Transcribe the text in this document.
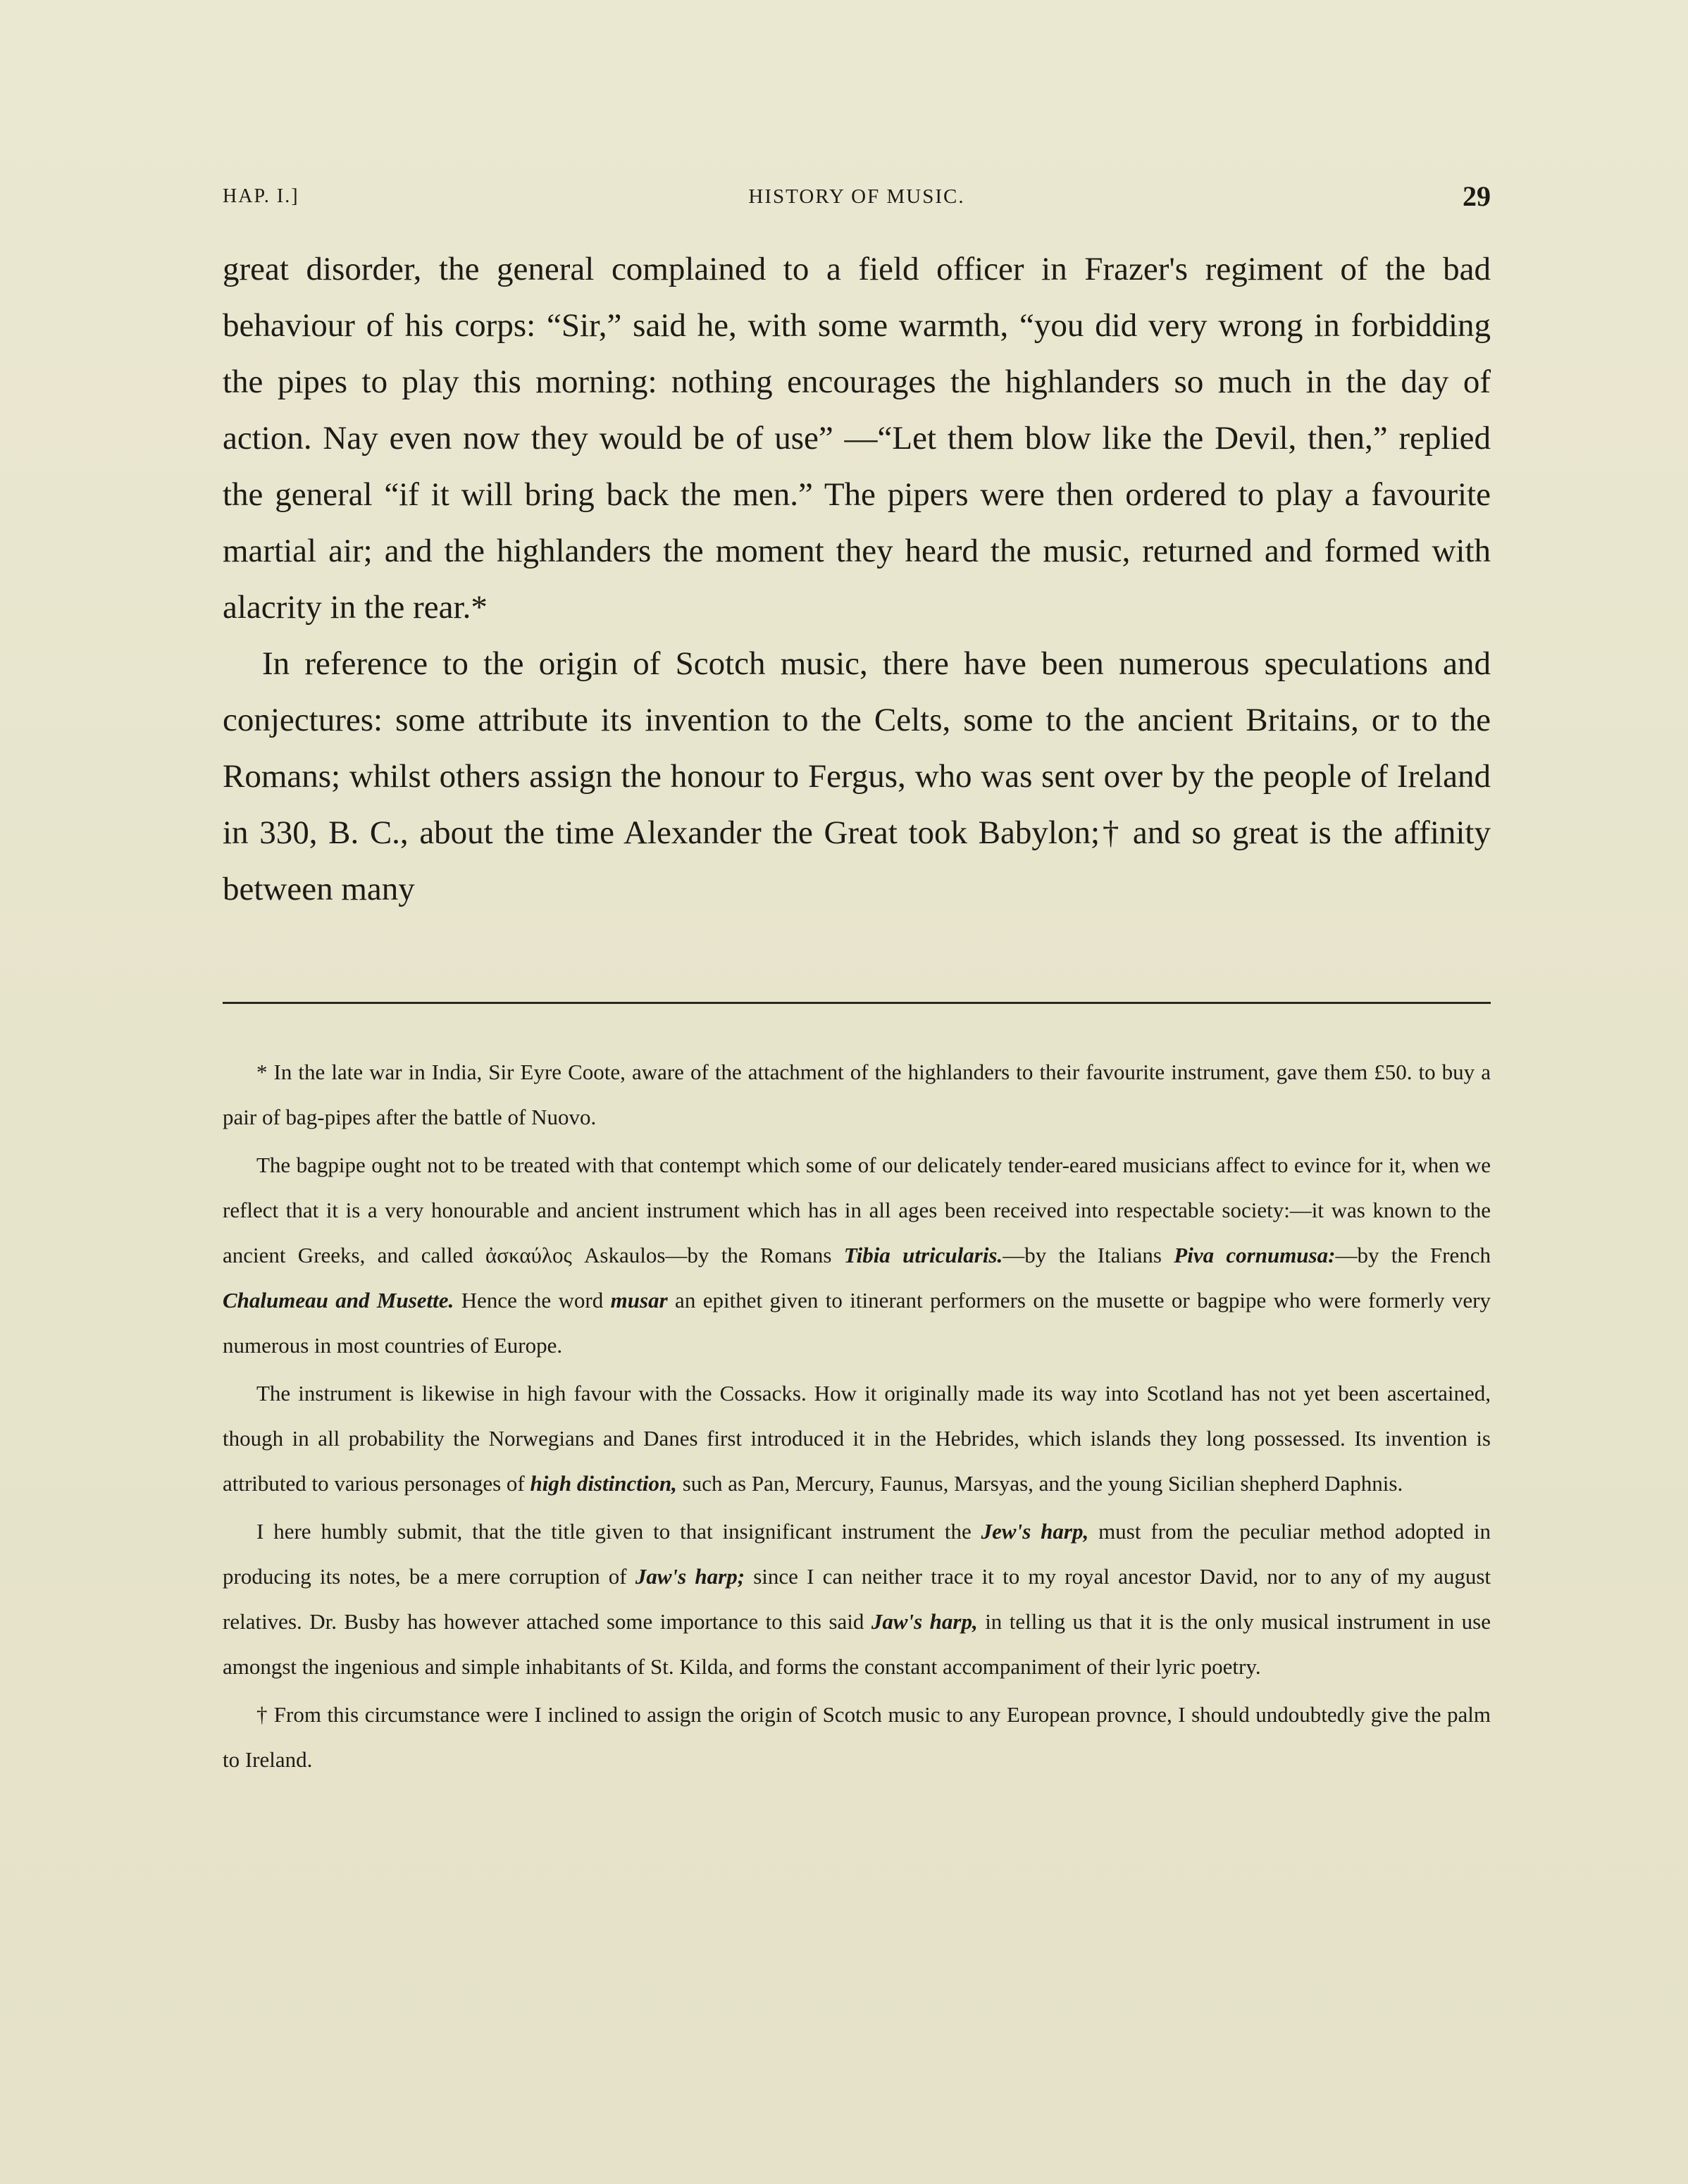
HAP. I.]	HISTORY OF MUSIC.	29

great disorder, the general complained to a field officer in Frazer's regiment of the bad behaviour of his corps: “Sir,” said he, with some warmth, “you did very wrong in forbidding the pipes to play this morning: nothing encourages the highlanders so much in the day of action. Nay even now they would be of use” —“Let them blow like the Devil, then,” replied the general “if it will bring back the men.” The pipers were then ordered to play a favourite martial air; and the highlanders the moment they heard the music, returned and formed with alacrity in the rear.*

In reference to the origin of Scotch music, there have been numerous speculations and conjectures: some attribute its invention to the Celts, some to the ancient Britains, or to the Romans; whilst others assign the honour to Fergus, who was sent over by the people of Ireland in 330, B. C., about the time Alexander the Great took Babylon;† and so great is the affinity between many

* In the late war in India, Sir Eyre Coote, aware of the attachment of the highlanders to their favourite instrument, gave them £50. to buy a pair of bag-pipes after the battle of Nuovo.

The bagpipe ought not to be treated with that contempt which some of our delicately tender-eared musicians affect to evince for it, when we reflect that it is a very honourable and ancient instrument which has in all ages been received into respectable society:—it was known to the ancient Greeks, and called ἀσκαύλος Askaulos—by the Romans Tibia utricularis.—by the Italians Piva cornumusa:—by the French Chalumeau and Musette. Hence the word musar an epithet given to itinerant performers on the musette or bagpipe who were formerly very numerous in most countries of Europe.

The instrument is likewise in high favour with the Cossacks. How it originally made its way into Scotland has not yet been ascertained, though in all probability the Norwegians and Danes first introduced it in the Hebrides, which islands they long possessed. Its invention is attributed to various personages of high distinction, such as Pan, Mercury, Faunus, Marsyas, and the young Sicilian shepherd Daphnis.

I here humbly submit, that the title given to that insignificant instrument the Jew's harp, must from the peculiar method adopted in producing its notes, be a mere corruption of Jaw's harp; since I can neither trace it to my royal ancestor David, nor to any of my august relatives. Dr. Busby has however attached some importance to this said Jaw's harp, in telling us that it is the only musical instrument in use amongst the ingenious and simple inhabitants of St. Kilda, and forms the constant accompaniment of their lyric poetry.

† From this circumstance were I inclined to assign the origin of Scotch music to any European provnce, I should undoubtedly give the palm to Ireland.
